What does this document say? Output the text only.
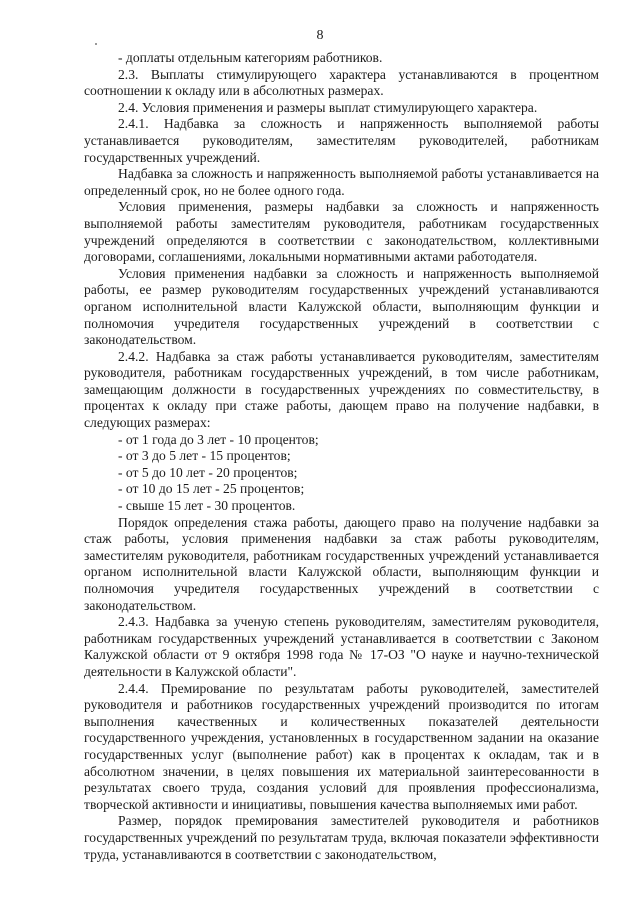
8

- доплаты отдельным категориям работников.

2.3. Выплаты стимулирующего характера устанавливаются в процентном соотношении к окладу или в абсолютных размерах.

2.4. Условия применения и размеры выплат стимулирующего характера.

2.4.1. Надбавка за сложность и напряженность выполняемой работы устанавливается руководителям, заместителям руководителей, работникам государственных учреждений.

Надбавка за сложность и напряженность выполняемой работы устанавливается на определенный срок, но не более одного года.

Условия применения, размеры надбавки за сложность и напряженность выполняемой работы заместителям руководителя, работникам государственных учреждений определяются в соответствии с законодательством, коллективными договорами, соглашениями, локальными нормативными актами работодателя.

Условия применения надбавки за сложность и напряженность выполняемой работы, ее размер руководителям государственных учреждений устанавливаются органом исполнительной власти Калужской области, выполняющим функции и полномочия учредителя государственных учреждений в соответствии с законодательством.

2.4.2. Надбавка за стаж работы устанавливается руководителям, заместителям руководителя, работникам государственных учреждений, в том числе работникам, замещающим должности в государственных учреждениях по совместительству, в процентах к окладу при стаже работы, дающем право на получение надбавки, в следующих размерах:

- от 1 года до 3 лет - 10 процентов;

- от 3 до 5 лет - 15 процентов;

- от 5 до 10 лет - 20 процентов;

- от 10 до 15 лет - 25 процентов;

- свыше 15 лет - 30 процентов.

Порядок определения стажа работы, дающего право на получение надбавки за стаж работы, условия применения надбавки за стаж работы руководителям, заместителям руководителя, работникам государственных учреждений устанавливается органом исполнительной власти Калужской области, выполняющим функции и полномочия учредителя государственных учреждений в соответствии с законодательством.

2.4.3. Надбавка за ученую степень руководителям, заместителям руководителя, работникам государственных учреждений устанавливается в соответствии с Законом Калужской области от 9 октября 1998 года № 17-ОЗ "О науке и научно-технической деятельности в Калужской области".

2.4.4. Премирование по результатам работы руководителей, заместителей руководителя и работников государственных учреждений производится по итогам выполнения качественных и количественных показателей деятельности государственного учреждения, установленных в государственном задании на оказание государственных услуг (выполнение работ) как в процентах к окладам, так и в абсолютном значении, в целях повышения их материальной заинтересованности в результатах своего труда, создания условий для проявления профессионализма, творческой активности и инициативы, повышения качества выполняемых ими работ.

Размер, порядок премирования заместителей руководителя и работников государственных учреждений по результатам труда, включая показатели эффективности труда, устанавливаются в соответствии с законодательством,
